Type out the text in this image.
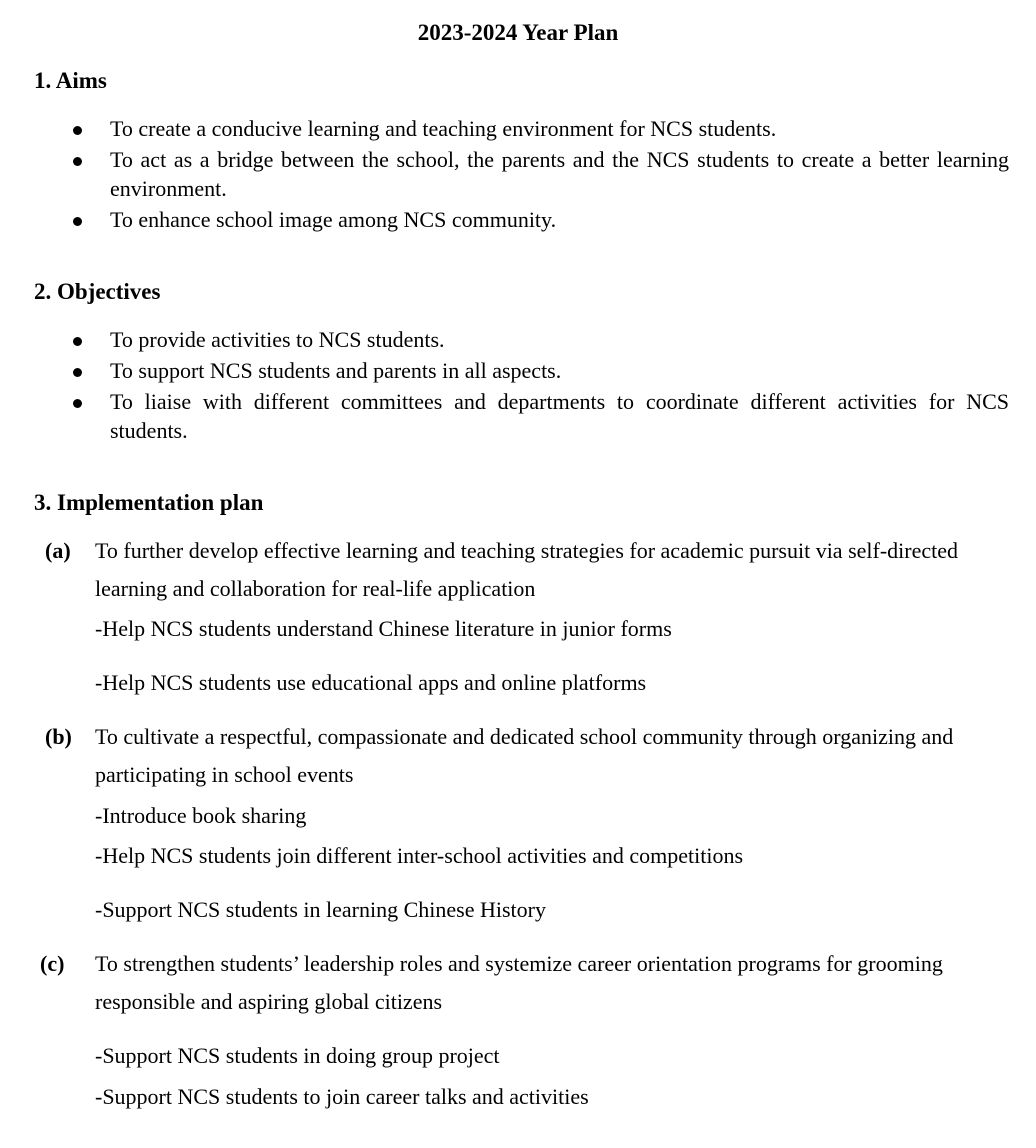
2023-2024 Year Plan
1. Aims
To create a conducive learning and teaching environment for NCS students.
To act as a bridge between the school, the parents and the NCS students to create a better learning environment.
To enhance school image among NCS community.
2. Objectives
To provide activities to NCS students.
To support NCS students and parents in all aspects.
To liaise with different committees and departments to coordinate different activities for NCS students.
3. Implementation plan
(a) To further develop effective learning and teaching strategies for academic pursuit via self-directed learning and collaboration for real-life application
-Help NCS students understand Chinese literature in junior forms
-Help NCS students use educational apps and online platforms
(b) To cultivate a respectful, compassionate and dedicated school community through organizing and participating in school events
-Introduce book sharing
-Help NCS students join different inter-school activities and competitions
-Support NCS students in learning Chinese History
(c) To strengthen students’ leadership roles and systemize career orientation programs for grooming responsible and aspiring global citizens
-Support NCS students in doing group project
-Support NCS students to join career talks and activities
